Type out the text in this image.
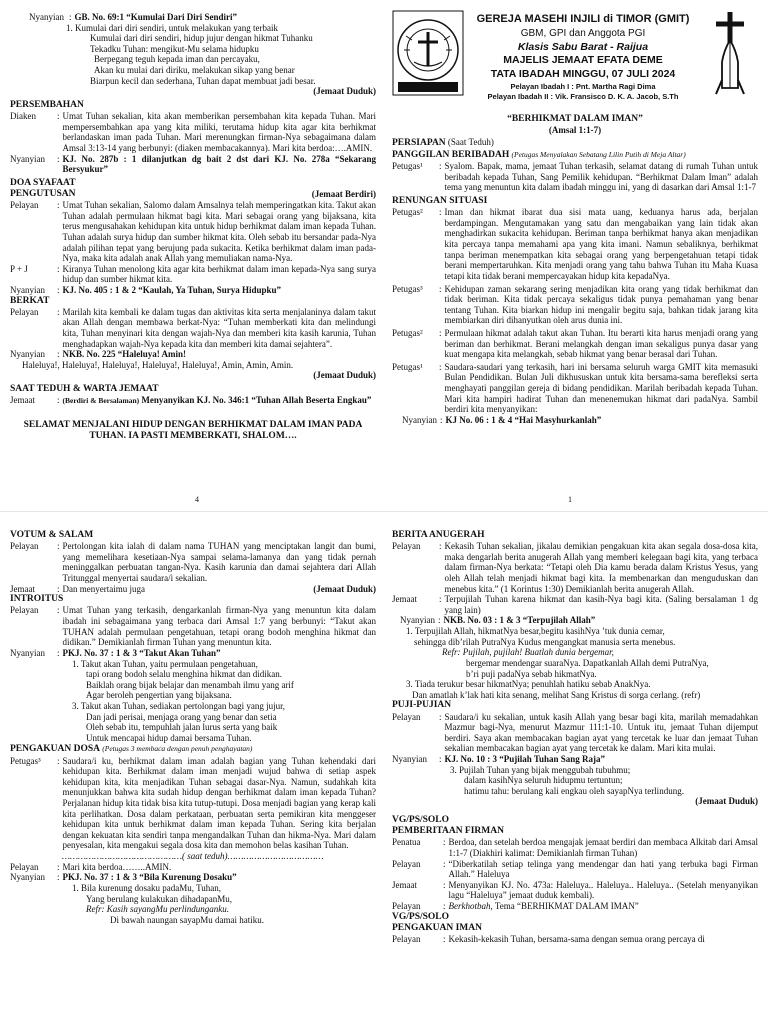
Nyanyian : GB. No. 69:1 “Kumulai Dari Diri Sendiri”
1. Kumulai dari diri sendiri, untuk melakukan yang terbaik
Kumulai dari diri sendiri, hidup jujur dengan hikmat Tuhanku
Tekadku Tuhan: mengikut-Mu selama hidupku
Berpegang teguh kepada iman dan percayaku,
Akan ku mulai dari diriku, melakukan sikap yang benar
Biarpun kecil dan sederhana, Tuhan dapat membuat jadi besar.
(Jemaat Duduk)
PERSEMBAHAN
Diaken	: Umat Tuhan sekalian, kita akan memberikan persembahan kita kepada Tuhan. Mari mempersembahkan apa yang kita miliki, terutama hidup kita agar kita berhikmat berlandaskan iman pada Tuhan. Mari merenungkan firman-Nya sebagaimana dalam Amsal 3:13-14 yang berbunyi: (diaken membacakannya). Mari kita berdoa:….AMIN.
Nyanyian	: KJ. No. 287b : 1 dilanjutkan dg bait 2 dst dari KJ. No. 278a “Sekarang Bersyukur”
DOA SYAFAAT
PENGUTUSAN	(Jemaat Berdiri)
Pelayan	: Umat Tuhan sekalian, Salomo dalam Amsalnya telah memperingatkan kita. Takut akan Tuhan adalah permulaan hikmat bagi kita. Mari sebagai orang yang bijaksana, kita terus mengusahakan kehidupan kita untuk hidup berhikmat dalam iman kepada Tuhan. Tuhan adalah surya hidup dan sumber hikmat kita. Oleh sebab itu bersandar pada-Nya adalah pilihan tepat yang berujung pada sukacita. Ketika berhikmat dalam iman pada-Nya, maka kita adalah anak Allah yang memuliakan nama-Nya.
P + J	: Kiranya Tuhan menolong kita agar kita berhikmat dalam iman kepada-Nya sang surya hidup dan sumber hikmat kita.
Nyanyian	: KJ. No. 405 : 1 & 2 “Kaulah, Ya Tuhan, Surya Hidupku”
BERKAT
Pelayan	: Marilah kita kembali ke dalam tugas dan aktivitas kita serta menjalaninya dalam takut akan Allah dengan membawa berkat-Nya: “Tuhan memberkati kita dan melindungi kita, Tuhan menyinari kita dengan wajah-Nya dan memberi kita kasih karunia, Tuhan menghadapkan wajah-Nya kepada kita dan memberi kita damai sejahtera”.
Nyanyian	: NKB. No. 225 “Haleluya! Amin!
Haleluya!, Haleluya!, Haleluya!, Haleluya!, Haleluya!, Amin, Amin, Amin.
(Jemaat Duduk)
SAAT TEDUH & WARTA JEMAAT
Jemaat	: (Berdiri & Bersalaman) Menyanyikan KJ. No. 346:1 “Tuhan Allah Beserta Engkau”
SELAMAT MENJALANI HIDUP DENGAN BERHIKMAT DALAM IMAN PADA TUHAN. IA PASTI MEMBERKATI, SHALOM….
4
GEREJA MASEHI INJILI di TIMOR (GMIT)
GBM, GPI dan Anggota PGI
Klasis Sabu Barat - Raijua
MAJELIS JEMAAT EFATA DEME
TATA IBADAH MINGGU, 07 JULI 2024
Pelayan Ibadah I : Pnt. Martha Ragi Dima
Pelayan Ibadah II : Vik. Fransisco D. K. A. Jacob, S.Th
“BERHIKMAT DALAM IMAN”
(Amsal 1:1-7)
PERSIAPAN (Saat Teduh)
PANGGILAN BERIBADAH (Petugas Menyalakan Sebatang Lilin Putih di Meja Altar)
Petugas¹	: Syalom. Bapak, mama, jemaat Tuhan terkasih, selamat datang di rumah Tuhan untuk beribadah kepada Tuhan, Sang Pemilik kehidupan. “Berhikmat Dalam Iman” adalah tema yang menuntun kita dalam ibadah minggu ini, yang di dasarkan dari Amsal 1:1-7
RENUNGAN SITUASI
Petugas²	: Iman dan hikmat ibarat dua sisi mata uang, keduanya harus ada, berjalan berdampingan. Mengutamakan yang satu dan mengabaikan yang lain tidak akan menghadirkan sukacita kehidupan. Beriman tanpa berhikmat hanya akan menjadikan kita percaya tanpa memahami apa yang kita imani. Namun sebaliknya, berhikmat tanpa beriman menempatkan kita sebagai orang yang berpengetahuan tetapi tidak berani mempertaruhkan. Kita menjadi orang yang tahu bahwa Tuhan itu Maha Kuasa tetapi kita tidak berani mempercayakan hidup kita kepadaNya.
Petugas³	: Kehidupan zaman sekarang sering menjadikan kita orang yang tidak berhikmat dan tidak beriman. Kita tidak percaya sekaligus tidak punya pemahaman yang benar tentang Tuhan. Kita biarkan hidup ini mengalir begitu saja, bahkan tidak jarang kita membiarkan diri dihanyutkan oleh arus dunia ini.
Petugas²	: Permulaan hikmat adalah takut akan Tuhan. Itu berarti kita harus menjadi orang yang beriman dan berhikmat. Berani melangkah dengan iman sekaligus punya dasar yang kuat mengapa kita melangkah, sebab hikmat yang benar berasal dari Tuhan.
Petugas¹	: Saudara-saudari yang terkasih, hari ini bersama seluruh warga GMIT kita memasuki Bulan Pendidikan. Bulan Juli dikhususkan untuk kita bersama-sama berefleksi serta menghayati panggilan gereja di bidang pendidikan. Marilah beribadah kepada Tuhan. Mari kita hampiri hadirat Tuhan dan menenemukan hikmat dari padaNya. Sambil berdiri kita menyanyikan:
Nyanyian : KJ No. 06 : 1 & 4 “Hai Masyhurkanlah”
1
VOTUM & SALAM
Pelayan	: Pertolongan kita ialah di dalam nama TUHAN yang menciptakan langit dan bumi, yang memelihara kesetiaan-Nya sampai selama-lamanya dan yang tidak pernah meninggalkan perbuatan tangan-Nya. Kasih karunia dan damai sejahtera dari Allah Tritunggal menyertai saudara/i sekalian.
Jemaat	: Dan menyertaimu juga	(Jemaat Duduk)
INTROITUS
Pelayan	: Umat Tuhan yang terkasih, dengarkanlah firman-Nya yang menuntun kita dalam ibadah ini sebagaimana yang terbaca dari Amsal 1:7 yang berbunyi: “Takut akan TUHAN adalah permulaan pengetahuan, tetapi orang bodoh menghina hikmat dan didikan.” Demikianlah firman Tuhan yang menuntun kita.
Nyanyian	: PKJ. No. 37 : 1 & 3 “Takut Akan Tuhan”
1. Takut akan Tuhan, yaitu permulaan pengetahuan,
tapi orang bodoh selalu menghina hikmat dan didikan.
Baiklah orang bijak belajar dan menambah ilmu yang arif
Agar beroleh pengertian yang bijaksana.
3. Takut akan Tuhan, sediakan pertolongan bagi yang jujur,
Dan jadi perisai, menjaga orang yang benar dan setia
Oleh sebab itu, tempuhlah jalan lurus serta yang baik
Untuk mencapai hidup damai bersama Tuhan.
PENGAKUAN DOSA (Petugas 3 membaca dengan penuh penghayatan)
Petugas³	: Saudara/i ku, berhikmat dalam iman adalah bagian yang Tuhan kehendaki dari kehidupan kita. Berhikmat dalam iman menjadi wujud bahwa di setiap aspek kehidupan kita, kita menjadikan Tuhan sebagai dasar-Nya. Namun, sudahkah kita menunjukkan bahwa kita sudah hidup dengan berhikmat dalam iman kepada Tuhan? Perjalanan hidup kita tidak bisa kita tutup-tutupi. Dosa menjadi bagian yang kerap kali kita perlihatkan. Dosa dalam perkataan, perbuatan serta pemikiran kita menggeser kehidupan kita untuk berhikmat dalam iman kepada Tuhan. Sering kita berjalan dengan kekuatan kita sendiri tanpa mengandalkan Tuhan dan hikma-Nya. Mari dalam penyesalan, kita mengakui segala dosa kita dan memohon belas kasihan Tuhan.
………………………………………( saat teduh)………………………………
Pelayan	: Mari kita berdoa……..AMIN.
Nyanyian	: PKJ. No. 37 : 1 & 3 “Bila Kurenung Dosaku”
1. Bila kurenung dosaku padaMu, Tuhan,
Yang berulang kulakukan dihadapanMu,
Refr: Kasih sayangMu perlindunganku.
Di bawah naungan sayapMu damai hatiku.
BERITA ANUGERAH
Pelayan	: Kekasih Tuhan sekalian, jikalau demikian pengakuan kita akan segala dosa-dosa kita, maka dengarlah berita anugerah Allah yang memberi kelegaan bagi kita, yang terbaca dalam firman-Nya berkata: “Tetapi oleh Dia kamu berada dalam Kristus Yesus, yang oleh Allah telah menjadi hikmat bagi kita. Ia membenarkan dan menguduskan dan menebus kita.” (1 Korintus 1:30) Demikianlah berita anugerah Allah.
Jemaat	: Terpujilah Tuhan karena hikmat dan kasih-Nya bagi kita. (Saling bersalaman 1 dg yang lain)
Nyanyian : NKB. No. 03 : 1 & 3 “Terpujilah Allah”
1. Terpujilah Allah, hikmatNya besar,begitu kasihNya ’tuk dunia cemar,
sehingga dib’rilah PutraNya Kudus mengangkat manusia serta menebus.
Refr: Pujilah, pujilah! Buatlah dunia bergemar,
bergemar mendengar suaraNya. Dapatkanlah Allah demi PutraNya,
b’ri puji padaNya sebab hikmatNya.
3. Tiada terukur besar hikmatNya; penuhlah hatiku sebab AnakNya.
Dan amatlah k’lak hati kita senang, melihat Sang Kristus di sorga cerlang. (refr)
PUJI-PUJIAN
Pelayan	: Saudara/i ku sekalian, untuk kasih Allah yang besar bagi kita, marilah memadahkan Mazmur bagi-Nya, menurut Mazmur 111:1-10. Untuk itu, jemaat Tuhan dijemput berdiri. Saya akan membacakan bagian ayat yang tercetak ke luar dan jemaat Tuhan sekalian membacakan bagian ayat yang tercetak ke dalam. Mari kita mulai.
Nyanyian	: KJ. No. 10 : 3 “Pujilah Tuhan Sang Raja”
3. Pujilah Tuhan yang bijak menggubah tubuhmu;
dalam kasihNya seluruh hidupmu tertuntun;
hatimu tahu: berulang kali engkau oleh sayapNya terlindung.
(Jemaat Duduk)
VG/PS/SOLO
PEMBERITAAN FIRMAN
Penatua	: Berdoa, dan setelah berdoa mengajak jemaat berdiri dan membaca Alkitab dari Amsal 1:1-7 (Diakhiri kalimat: Demikianlah firman Tuhan)
Pelayan	: “Diberkatilah setiap telinga yang mendengar dan hati yang terbuka bagi Firman Allah.” Haleluya
Jemaat	: Menyanyikan KJ. No. 473a: Haleluya.. Haleluya.. Haleluya.. (Setelah menyanyikan lagu “Haleluya” jemaat duduk kembali).
Pelayan	: Berkhotbah, Tema “BERHIKMAT DALAM IMAN”
VG/PS/SOLO
PENGAKUAN IMAN
Pelayan	: Kekasih-kekasih Tuhan, bersama-sama dengan semua orang percaya di
